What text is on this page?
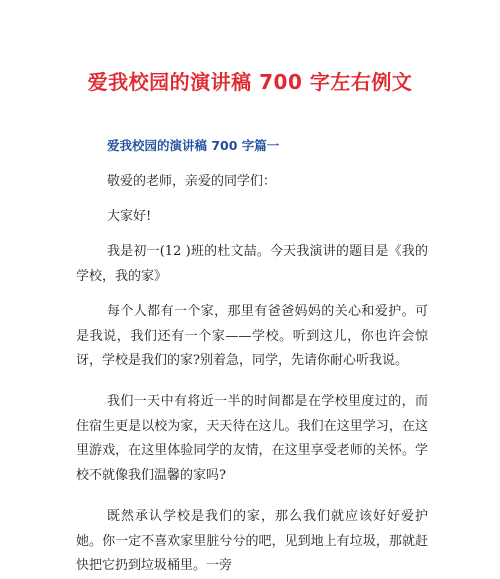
爱我校园的演讲稿 700 字左右例文
爱我校园的演讲稿 700 字篇一

敬爱的老师，亲爱的同学们：

大家好!

我是初一(12 )班的杜文喆。今天我演讲的题目是《我的学校，我的家》

每个人都有一个家，那里有爸爸妈妈的关心和爱护。可是我说，我们还有一个家——学校。听到这儿，你也许会惊讶，学校是我们的家?别着急，同学，先请你耐心听我说。

我们一天中有将近一半的时间都是在学校里度过的，而住宿生更是以校为家，天天待在这儿。我们在这里学习，在这里游戏，在这里体验同学的友情，在这里享受老师的关怀。学校不就像我们温馨的家吗?

既然承认学校是我们的家，那么我们就应该好好爱护她。你一定不喜欢家里脏兮兮的吧，见到地上有垃圾，那就赶快把它扔到垃圾桶里。一旁
